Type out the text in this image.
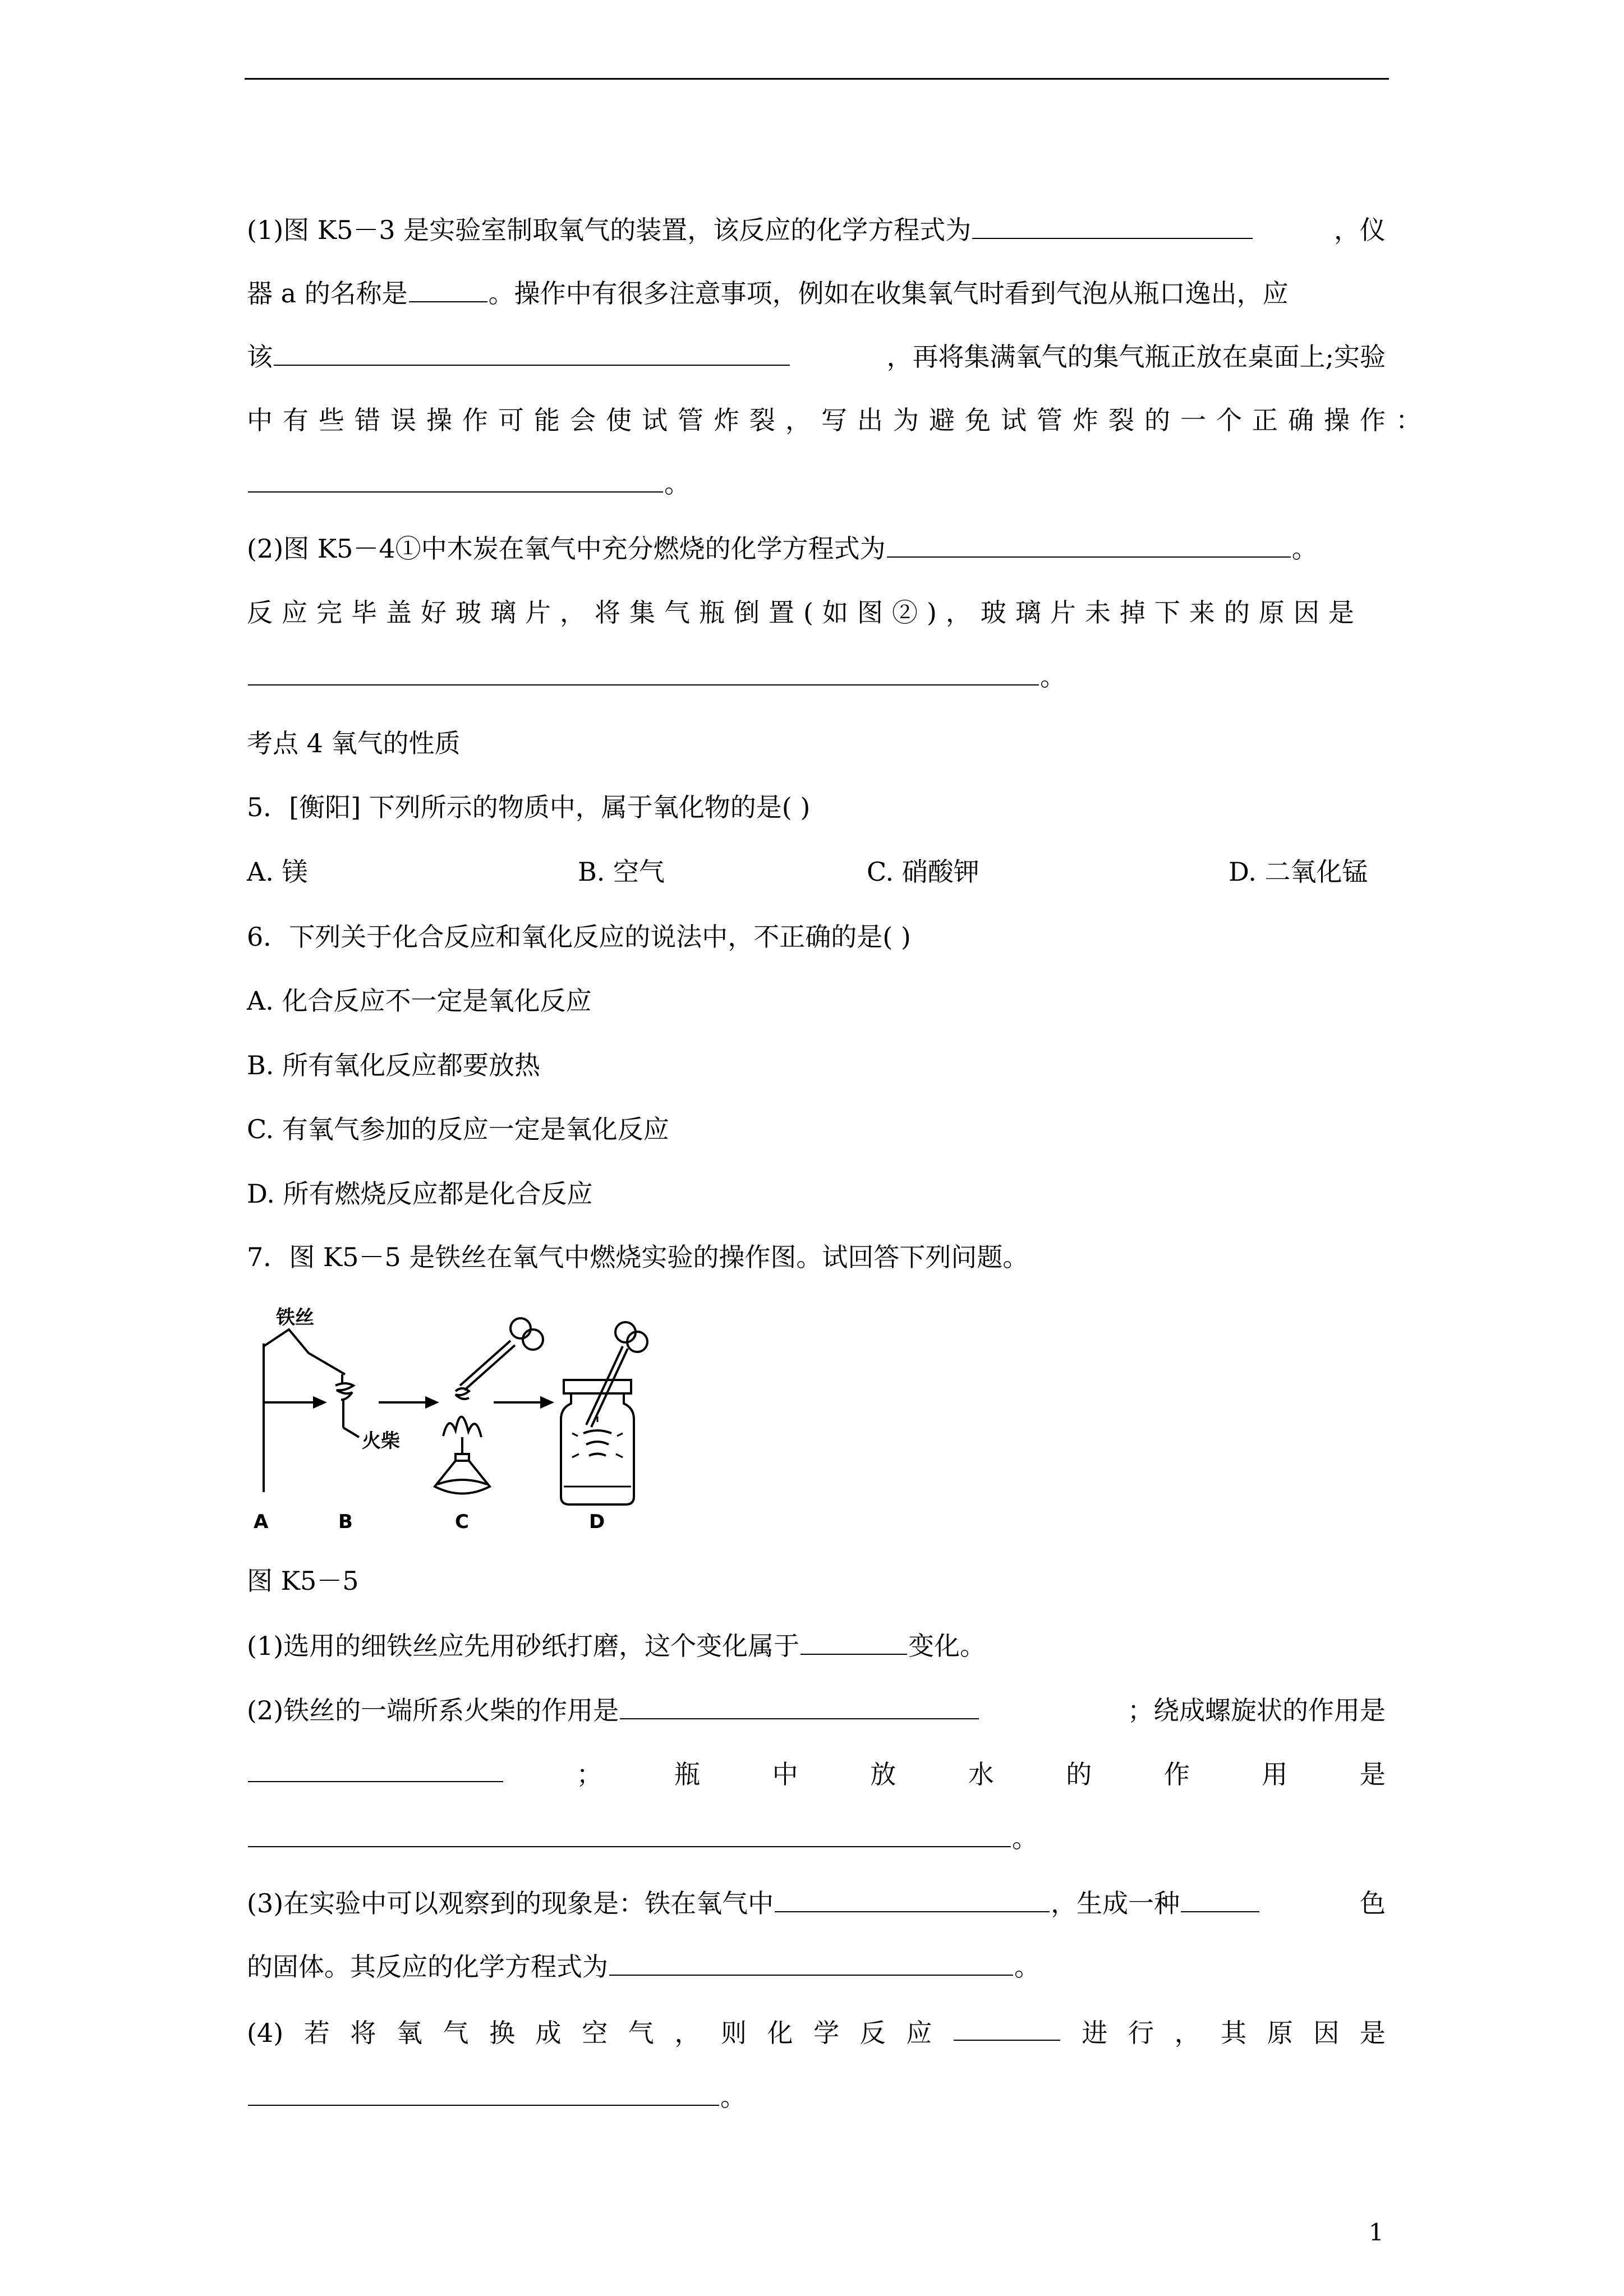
(1)图 K5－3 是实验室制取氧气的装置，该反应的化学方程式为	，仪
器 a 的名称是	。操作中有很多注意事项，例如在收集氧气时看到气泡从瓶口逸出，应
该	，再将集满氧气的集气瓶正放在桌面上;实验
中有些错误操作可能会使试管炸裂，写出为避免试管炸裂的一个正确操作：
。
(2)图 K5－4①中木炭在氧气中充分燃烧的化学方程式为	。
反应完毕盖好玻璃片，将集气瓶倒置(如图②)，玻璃片未掉下来的原因是
。
考点 4 氧气的性质
5．[衡阳] 下列所示的物质中，属于氧化物的是( )
A. 镁	B. 空气	C. 硝酸钾	D. 二氧化锰
6．下列关于化合反应和氧化反应的说法中，不正确的是( )
A. 化合反应不一定是氧化反应
B. 所有氧化反应都要放热
C. 有氧气参加的反应一定是氧化反应
D. 所有燃烧反应都是化合反应
7．图 K5－5 是铁丝在氧气中燃烧实验的操作图。试回答下列问题。
铁丝
火柴
A	B	C	D
图 K5－5
(1)选用的细铁丝应先用砂纸打磨，这个变化属于	变化。
(2)铁丝的一端所系火柴的作用是	；绕成螺旋状的作用是
；	瓶	中	放	水	的	作	用	是
。
(3)在实验中可以观察到的现象是：铁在氧气中	，生成一种	色
的固体。其反应的化学方程式为	。
(4) 若 将 氧 气 换 成 空 气 ， 则 化 学 反 应	进 行 ， 其 原 因 是
。
1
